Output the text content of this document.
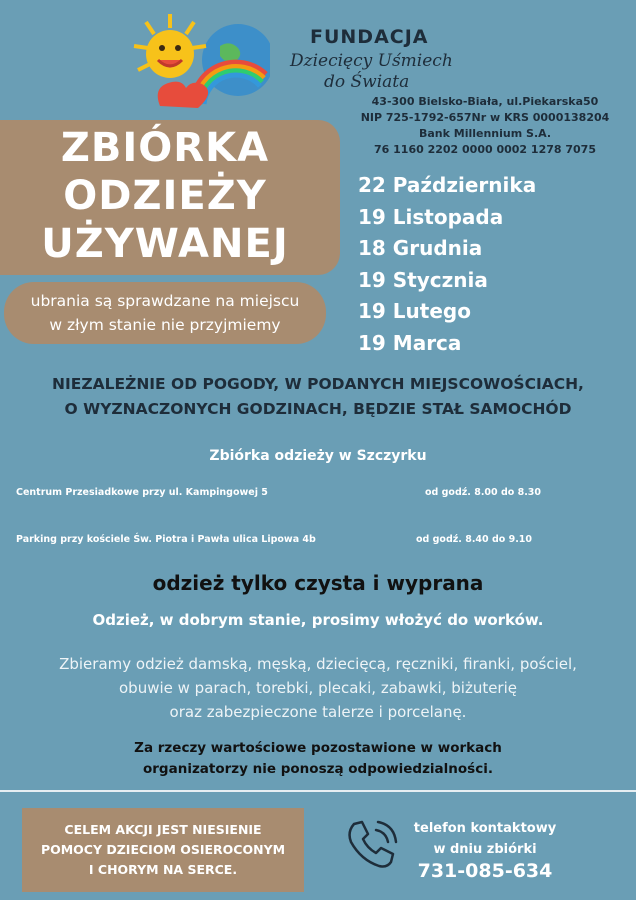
FUNDACJA
Dziecięcy Uśmiech
do Świata
43-300 Bielsko-Biała, ul.Piekarska50
NIP 725-1792-657Nr w KRS 0000138204
Bank Millennium S.A.
76 1160 2202 0000 0002 1278 7075
ZBIÓRKA
ODZIEŻY
UŻYWANEJ
ubrania są sprawdzane na miejscu
w złym stanie nie przyjmiemy
22 Października
19 Listopada
18 Grudnia
19 Stycznia
19 Lutego
19 Marca
NIEZALEŻNIE OD POGODY, W PODANYCH MIEJSCOWOŚCIACH,
O WYZNACZONYCH GODZINACH, BĘDZIE STAŁ SAMOCHÓD
Zbiórka odzieży w Szczyrku
Centrum Przesiadkowe przy ul. Kampingowej 5	od godź. 8.00 do 8.30
Parking przy kościele Św. Piotra i Pawła ulica Lipowa 4b	od godź. 8.40 do 9.10
odzież tylko czysta i wyprana
Odzież, w dobrym stanie, prosimy włożyć do worków.
Zbieramy odzież damską, męską, dziecięcą, ręczniki, firanki, pościel,
obuwie w parach, torebki, plecaki, zabawki, biżuterię
oraz zabezpieczone talerze i porcelanę.
Za rzeczy wartościowe pozostawione w workach
organizatorzy nie ponoszą odpowiedzialności.
CELEM AKCJI JEST NIESIENIE
POMOCY DZIECIOM OSIEROCONYM
I CHORYM NA SERCE.
telefon kontaktowy
w dniu zbiórki
731-085-634
